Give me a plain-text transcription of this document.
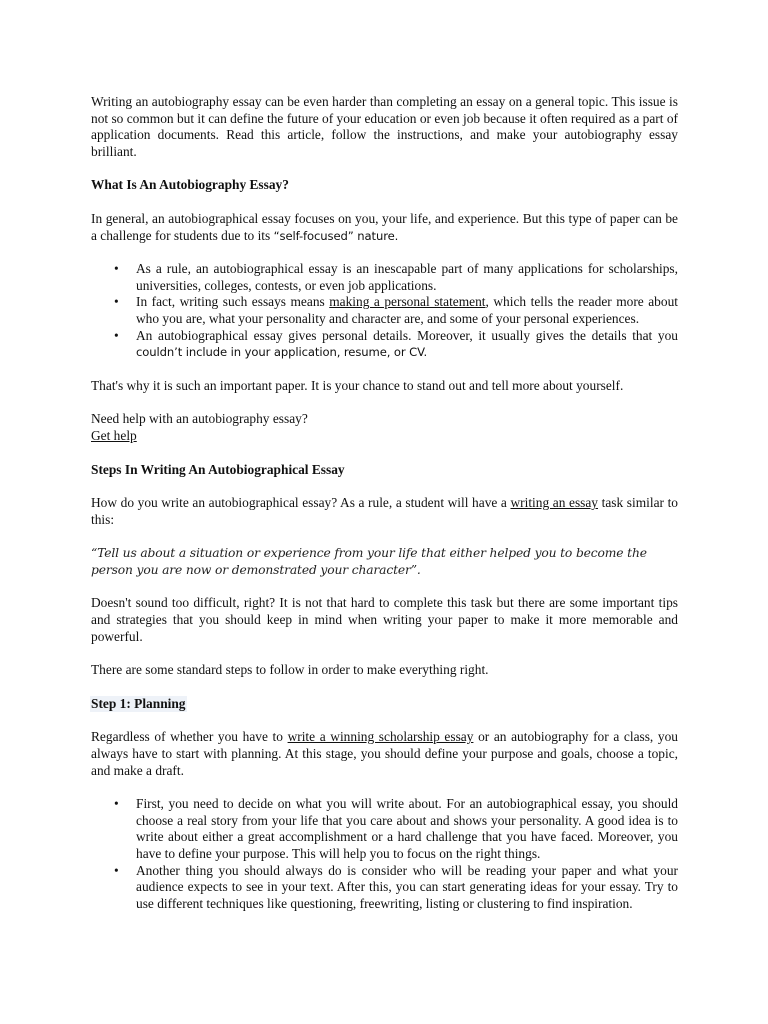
Writing an autobiography essay can be even harder than completing an essay on a general topic. This issue is not so common but it can define the future of your education or even job because it often required as a part of application documents. Read this article, follow the instructions, and make your autobiography essay brilliant.

What Is An Autobiography Essay?

In general, an autobiographical essay focuses on you, your life, and experience. But this type of paper can be a challenge for students due to its “self-focused” nature.

• As a rule, an autobiographical essay is an inescapable part of many applications for scholarships, universities, colleges, contests, or even job applications.
• In fact, writing such essays means making a personal statement, which tells the reader more about who you are, what your personality and character are, and some of your personal experiences.
• An autobiographical essay gives personal details. Moreover, it usually gives the details that you couldn’t include in your application, resume, or CV.

That's why it is such an important paper. It is your chance to stand out and tell more about yourself.

Need help with an autobiography essay?

Get help

Steps In Writing An Autobiographical Essay

How do you write an autobiographical essay? As a rule, a student will have a writing an essay task similar to this:

“Tell us about a situation or experience from your life that either helped you to become the person you are now or demonstrated your character”.

Doesn't sound too difficult, right? It is not that hard to complete this task but there are some important tips and strategies that you should keep in mind when writing your paper to make it more memorable and powerful.

There are some standard steps to follow in order to make everything right.

Step 1: Planning

Regardless of whether you have to write a winning scholarship essay or an autobiography for a class, you always have to start with planning. At this stage, you should define your purpose and goals, choose a topic, and make a draft.

• First, you need to decide on what you will write about. For an autobiographical essay, you should choose a real story from your life that you care about and shows your personality. A good idea is to write about either a great accomplishment or a hard challenge that you have faced. Moreover, you have to define your purpose. This will help you to focus on the right things.
• Another thing you should always do is consider who will be reading your paper and what your audience expects to see in your text. After this, you can start generating ideas for your essay. Try to use different techniques like questioning, freewriting, listing or clustering to find inspiration.
